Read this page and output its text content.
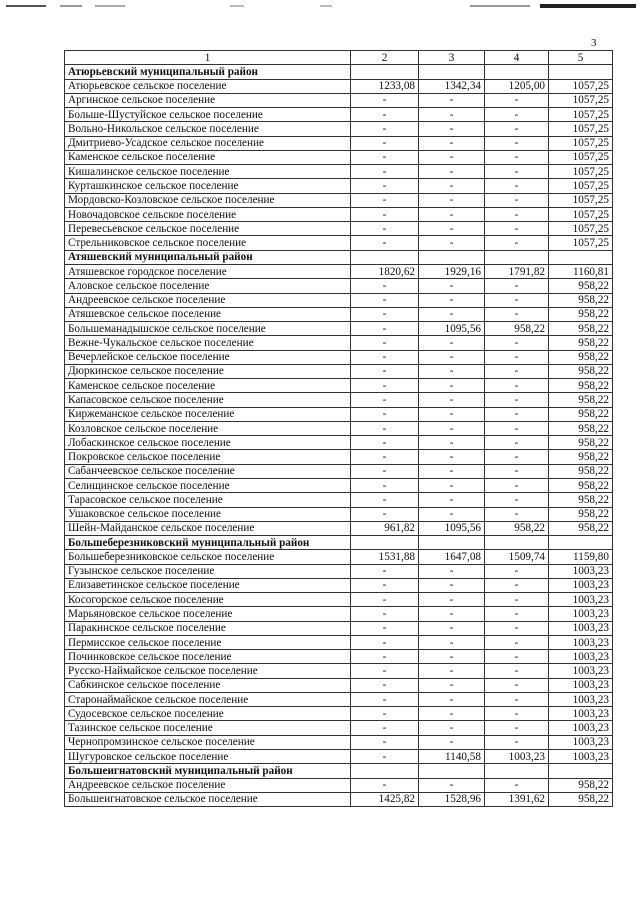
3
1	2	3	4	5
Атюрьевский муниципальный район				
Атюрьевское сельское поселение	1233,08	1342,34	1205,00	1057,25
Аргинское сельское поселение	-	-	-	1057,25
Больше-Шустуйское сельское поселение	-	-	-	1057,25
Вольно-Никольское сельское поселение	-	-	-	1057,25
Дмитриево-Усадское сельское поселение	-	-	-	1057,25
Каменское сельское поселение	-	-	-	1057,25
Кишалинское сельское поселение	-	-	-	1057,25
Курташкинское сельское поселение	-	-	-	1057,25
Мордовско-Козловское сельское поселение	-	-	-	1057,25
Новочадовское сельское поселение	-	-	-	1057,25
Перевесьевское сельское поселение	-	-	-	1057,25
Стрельниковское сельское поселение	-	-	-	1057,25
Атяшевский муниципальный район				
Атяшевское городское поселение	1820,62	1929,16	1791,82	1160,81
Аловское сельское поселение	-	-	-	958,22
Андреевское сельское поселение	-	-	-	958,22
Атяшевское сельское поселение	-	-	-	958,22
Большеманадышское сельское поселение	-	1095,56	958,22	958,22
Вежне-Чукальское сельское поселение	-	-	-	958,22
Вечерлейское сельское поселение	-	-	-	958,22
Дюркинское сельское поселение	-	-	-	958,22
Каменское сельское поселение	-	-	-	958,22
Капасовское сельское поселение	-	-	-	958,22
Киржеманское сельское поселение	-	-	-	958,22
Козловское сельское поселение	-	-	-	958,22
Лобаскинское сельское поселение	-	-	-	958,22
Покровское сельское поселение	-	-	-	958,22
Сабанчеевское сельское поселение	-	-	-	958,22
Селищинское сельское поселение	-	-	-	958,22
Тарасовское сельское поселение	-	-	-	958,22
Ушаковское сельское поселение	-	-	-	958,22
Шейн-Майданское сельское поселение	961,82	1095,56	958,22	958,22
Большеберезниковский муниципальный район				
Большеберезниковское сельское поселение	1531,88	1647,08	1509,74	1159,80
Гузынское сельское поселение	-	-	-	1003,23
Елизаветинское сельское поселение	-	-	-	1003,23
Косогорское сельское поселение	-	-	-	1003,23
Марьяновское сельское поселение	-	-	-	1003,23
Паракинское сельское поселение	-	-	-	1003,23
Пермисское сельское поселение	-	-	-	1003,23
Починковское сельское поселение	-	-	-	1003,23
Русско-Наймайское сельское поселение	-	-	-	1003,23
Сабкинское сельское поселение	-	-	-	1003,23
Старонаймайское сельское поселение	-	-	-	1003,23
Судосевское сельское поселение	-	-	-	1003,23
Тазинское сельское поселение	-	-	-	1003,23
Чернопромзинское сельское поселение	-	-	-	1003,23
Шугуровское сельское поселение	-	1140,58	1003,23	1003,23
Большеигнатовский муниципальный район				
Андреевское сельское поселение	-	-	-	958,22
Большеигнатовское сельское поселение	1425,82	1528,96	1391,62	958,22
